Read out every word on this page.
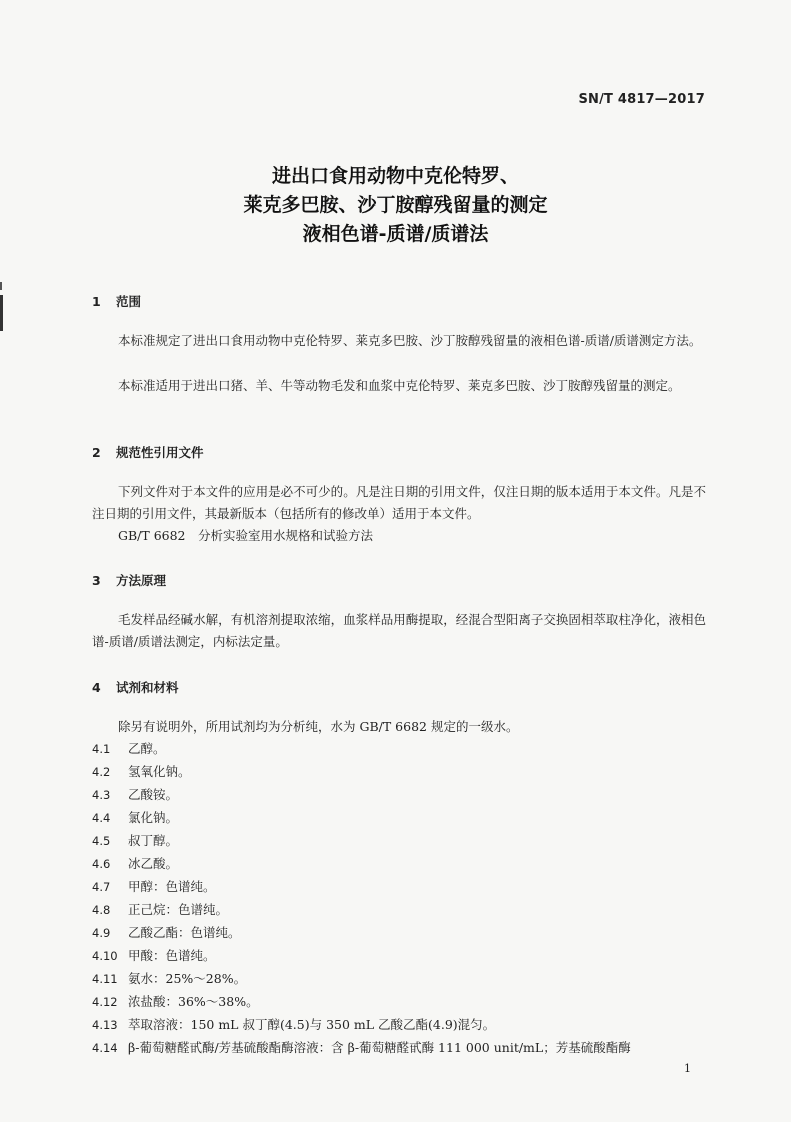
SN/T 4817—2017
进出口食用动物中克伦特罗、
莱克多巴胺、沙丁胺醇残留量的测定
液相色谱-质谱/质谱法
1 范围
本标准规定了进出口食用动物中克伦特罗、莱克多巴胺、沙丁胺醇残留量的液相色谱-质谱/质谱测定方法。
本标准适用于进出口猪、羊、牛等动物毛发和血浆中克伦特罗、莱克多巴胺、沙丁胺醇残留量的测定。
2 规范性引用文件
下列文件对于本文件的应用是必不可少的。凡是注日期的引用文件，仅注日期的版本适用于本文件。凡是不注日期的引用文件，其最新版本（包括所有的修改单）适用于本文件。
GB/T 6682　分析实验室用水规格和试验方法
3 方法原理
毛发样品经碱水解，有机溶剂提取浓缩，血浆样品用酶提取，经混合型阳离子交换固相萃取柱净化，液相色谱-质谱/质谱法测定，内标法定量。
4 试剂和材料
除另有说明外，所用试剂均为分析纯，水为 GB/T 6682 规定的一级水。
4.1 乙醇。
4.2 氢氧化钠。
4.3 乙酸铵。
4.4 氯化钠。
4.5 叔丁醇。
4.6 冰乙酸。
4.7 甲醇：色谱纯。
4.8 正己烷：色谱纯。
4.9 乙酸乙酯：色谱纯。
4.10 甲酸：色谱纯。
4.11 氨水：25%～28%。
4.12 浓盐酸：36%～38%。
4.13 萃取溶液：150 mL 叔丁醇(4.5)与 350 mL 乙酸乙酯(4.9)混匀。
4.14 β-葡萄糖醛甙酶/芳基硫酸酯酶溶液：含 β-葡萄糖醛甙酶 111 000 unit/mL；芳基硫酸酯酶
1
